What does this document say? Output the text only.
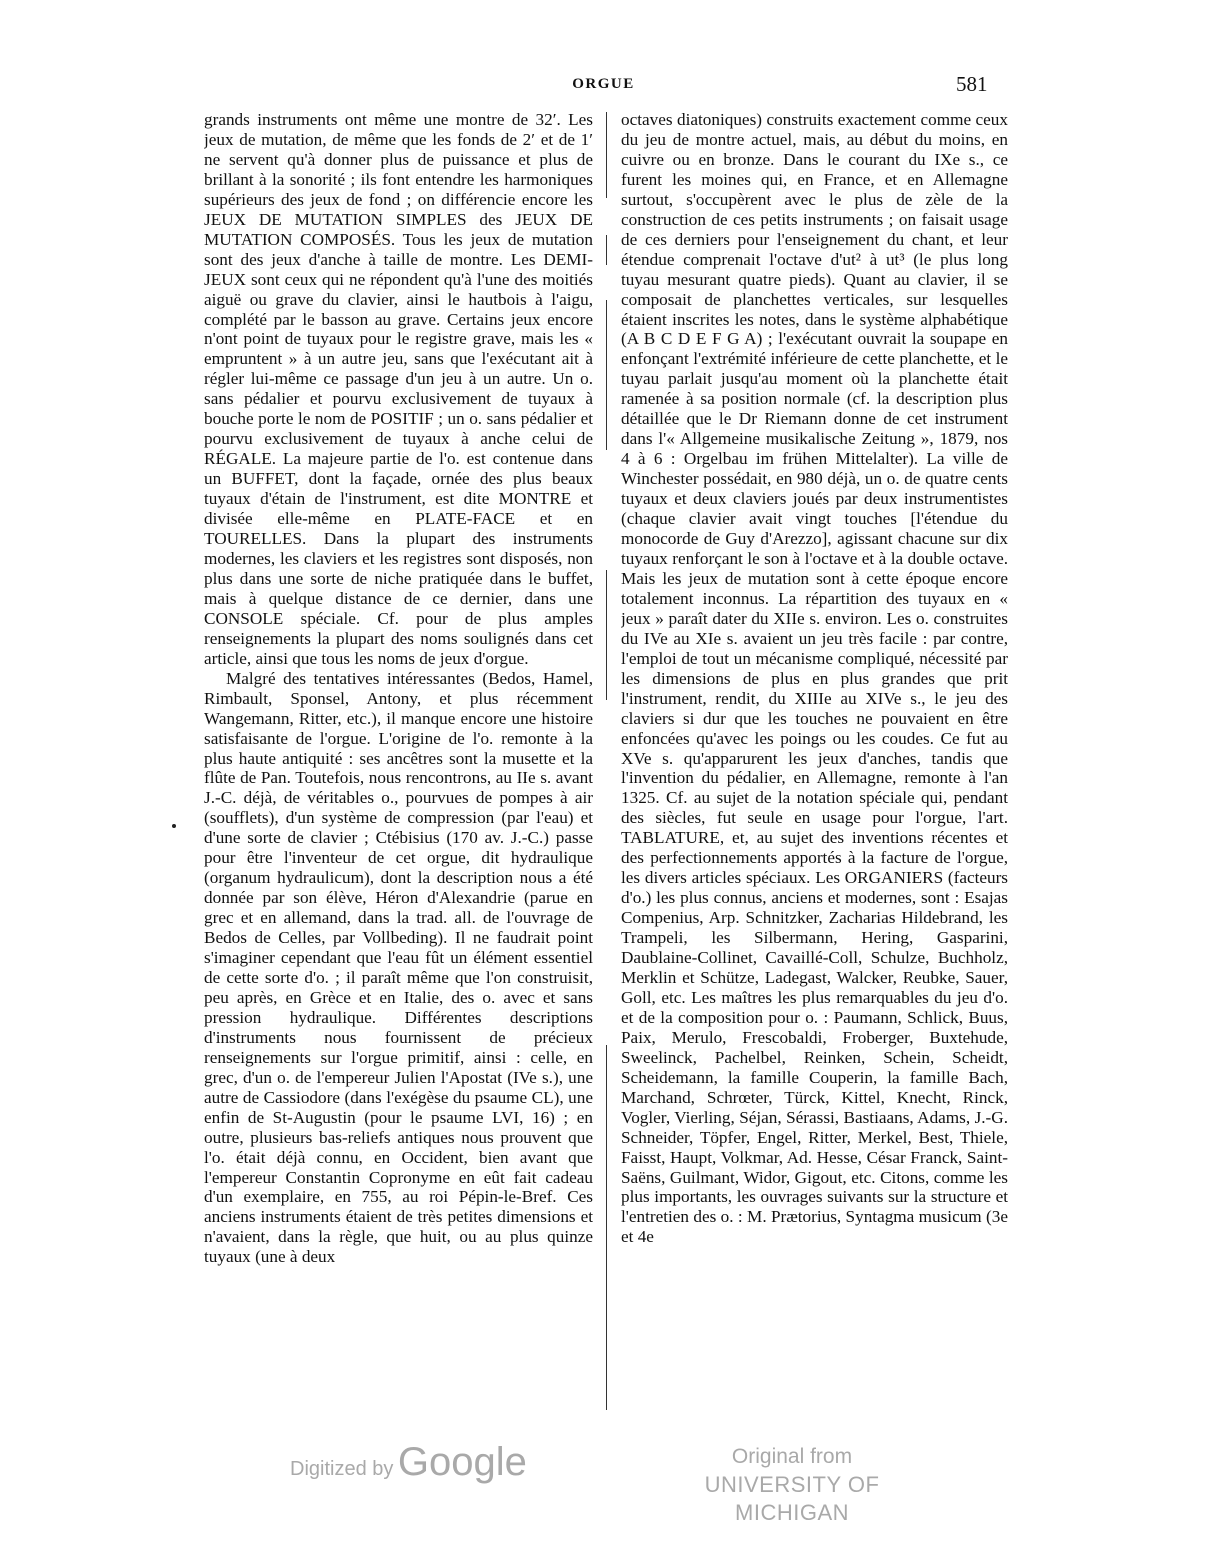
ORGUE	581

grands instruments ont même une montre de 32′. Les jeux de mutation, de même que les fonds de 2′ et de 1′ ne servent qu'à donner plus de puissance et plus de brillant à la sonorité ; ils font entendre les harmoniques supérieurs des jeux de fond ; on différencie encore les JEUX DE MUTATION SIMPLES des JEUX DE MUTATION COMPOSÉS. Tous les jeux de mutation sont des jeux d'anche à taille de montre. Les DEMI-JEUX sont ceux qui ne répondent qu'à l'une des moitiés aiguë ou grave du clavier, ainsi le hautbois à l'aigu, complété par le basson au grave. Certains jeux encore n'ont point de tuyaux pour le registre grave, mais les « empruntent » à un autre jeu, sans que l'exécutant ait à régler lui-même ce passage d'un jeu à un autre. Un o. sans pédalier et pourvu exclusivement de tuyaux à bouche porte le nom de POSITIF ; un o. sans pédalier et pourvu exclusivement de tuyaux à anche celui de RÉGALE. La majeure partie de l'o. est contenue dans un BUFFET, dont la façade, ornée des plus beaux tuyaux d'étain de l'instrument, est dite MONTRE et divisée elle-même en PLATE-FACE et en TOURELLES. Dans la plupart des instruments modernes, les claviers et les registres sont disposés, non plus dans une sorte de niche pratiquée dans le buffet, mais à quelque distance de ce dernier, dans une CONSOLE spéciale. Cf. pour de plus amples renseignements la plupart des noms soulignés dans cet article, ainsi que tous les noms de jeux d'orgue.

Malgré des tentatives intéressantes (Bedos, Hamel, Rimbault, Sponsel, Antony, et plus récemment Wangemann, Ritter, etc.), il manque encore une histoire satisfaisante de l'orgue. L'origine de l'o. remonte à la plus haute antiquité : ses ancêtres sont la musette et la flûte de Pan. Toutefois, nous rencontrons, au IIe s. avant J.-C. déjà, de véritables o., pourvues de pompes à air (soufflets), d'un système de compression (par l'eau) et d'une sorte de clavier ; Ctébisius (170 av. J.-C.) passe pour être l'inventeur de cet orgue, dit hydraulique (organum hydraulicum), dont la description nous a été donnée par son élève, Héron d'Alexandrie (parue en grec et en allemand, dans la trad. all. de l'ouvrage de Bedos de Celles, par Vollbeding). Il ne faudrait point s'imaginer cependant que l'eau fût un élément essentiel de cette sorte d'o. ; il paraît même que l'on construisit, peu après, en Grèce et en Italie, des o. avec et sans pression hydraulique. Différentes descriptions d'instruments nous fournissent de précieux renseignements sur l'orgue primitif, ainsi : celle, en grec, d'un o. de l'empereur Julien l'Apostat (IVe s.), une autre de Cassiodore (dans l'exégèse du psaume CL), une enfin de St-Augustin (pour le psaume LVI, 16) ; en outre, plusieurs bas-reliefs antiques nous prouvent que l'o. était déjà connu, en Occident, bien avant que l'empereur Constantin Copronyme en eût fait cadeau d'un exemplaire, en 755, au roi Pépin-le-Bref. Ces anciens instruments étaient de très petites dimensions et n'avaient, dans la règle, que huit, ou au plus quinze tuyaux (une à deux

octaves diatoniques) construits exactement comme ceux du jeu de montre actuel, mais, au début du moins, en cuivre ou en bronze. Dans le courant du IXe s., ce furent les moines qui, en France, et en Allemagne surtout, s'occupèrent avec le plus de zèle de la construction de ces petits instruments ; on faisait usage de ces derniers pour l'enseignement du chant, et leur étendue comprenait l'octave d'ut² à ut³ (le plus long tuyau mesurant quatre pieds). Quant au clavier, il se composait de planchettes verticales, sur lesquelles étaient inscrites les notes, dans le système alphabétique (A B C D E F G A) ; l'exécutant ouvrait la soupape en enfonçant l'extrémité inférieure de cette planchette, et le tuyau parlait jusqu'au moment où la planchette était ramenée à sa position normale (cf. la description plus détaillée que le Dr Riemann donne de cet instrument dans l'« Allgemeine musikalische Zeitung », 1879, nos 4 à 6 : Orgelbau im frühen Mittelalter). La ville de Winchester possédait, en 980 déjà, un o. de quatre cents tuyaux et deux claviers joués par deux instrumentistes (chaque clavier avait vingt touches [l'étendue du monocorde de Guy d'Arezzo], agissant chacune sur dix tuyaux renforçant le son à l'octave et à la double octave. Mais les jeux de mutation sont à cette époque encore totalement inconnus. La répartition des tuyaux en « jeux » paraît dater du XIIe s. environ. Les o. construites du IVe au XIe s. avaient un jeu très facile : par contre, l'emploi de tout un mécanisme compliqué, nécessité par les dimensions de plus en plus grandes que prit l'instrument, rendit, du XIIIe au XIVe s., le jeu des claviers si dur que les touches ne pouvaient en être enfoncées qu'avec les poings ou les coudes. Ce fut au XVe s. qu'apparurent les jeux d'anches, tandis que l'invention du pédalier, en Allemagne, remonte à l'an 1325. Cf. au sujet de la notation spéciale qui, pendant des siècles, fut seule en usage pour l'orgue, l'art. TABLATURE, et, au sujet des inventions récentes et des perfectionnements apportés à la facture de l'orgue, les divers articles spéciaux. Les ORGANIERS (facteurs d'o.) les plus connus, anciens et modernes, sont : Esajas Compenius, Arp. Schnitzker, Zacharias Hildebrand, les Trampeli, les Silbermann, Hering, Gasparini, Daublaine-Collinet, Cavaillé-Coll, Schulze, Buchholz, Merklin et Schütze, Ladegast, Walcker, Reubke, Sauer, Goll, etc. Les maîtres les plus remarquables du jeu d'o. et de la composition pour o. : Paumann, Schlick, Buus, Paix, Merulo, Frescobaldi, Froberger, Buxtehude, Sweelinck, Pachelbel, Reinken, Schein, Scheidt, Scheidemann, la famille Couperin, la famille Bach, Marchand, Schrœter, Türck, Kittel, Knecht, Rinck, Vogler, Vierling, Séjan, Sérassi, Bastiaans, Adams, J.-G. Schneider, Töpfer, Engel, Ritter, Merkel, Best, Thiele, Faisst, Haupt, Volkmar, Ad. Hesse, César Franck, Saint-Saëns, Guilmant, Widor, Gigout, etc. Citons, comme les plus importants, les ouvrages suivants sur la structure et l'entretien des o. : M. Prætorius, Syntagma musicum (3e et 4e

Digitized by Google	Original from
UNIVERSITY OF MICHIGAN
